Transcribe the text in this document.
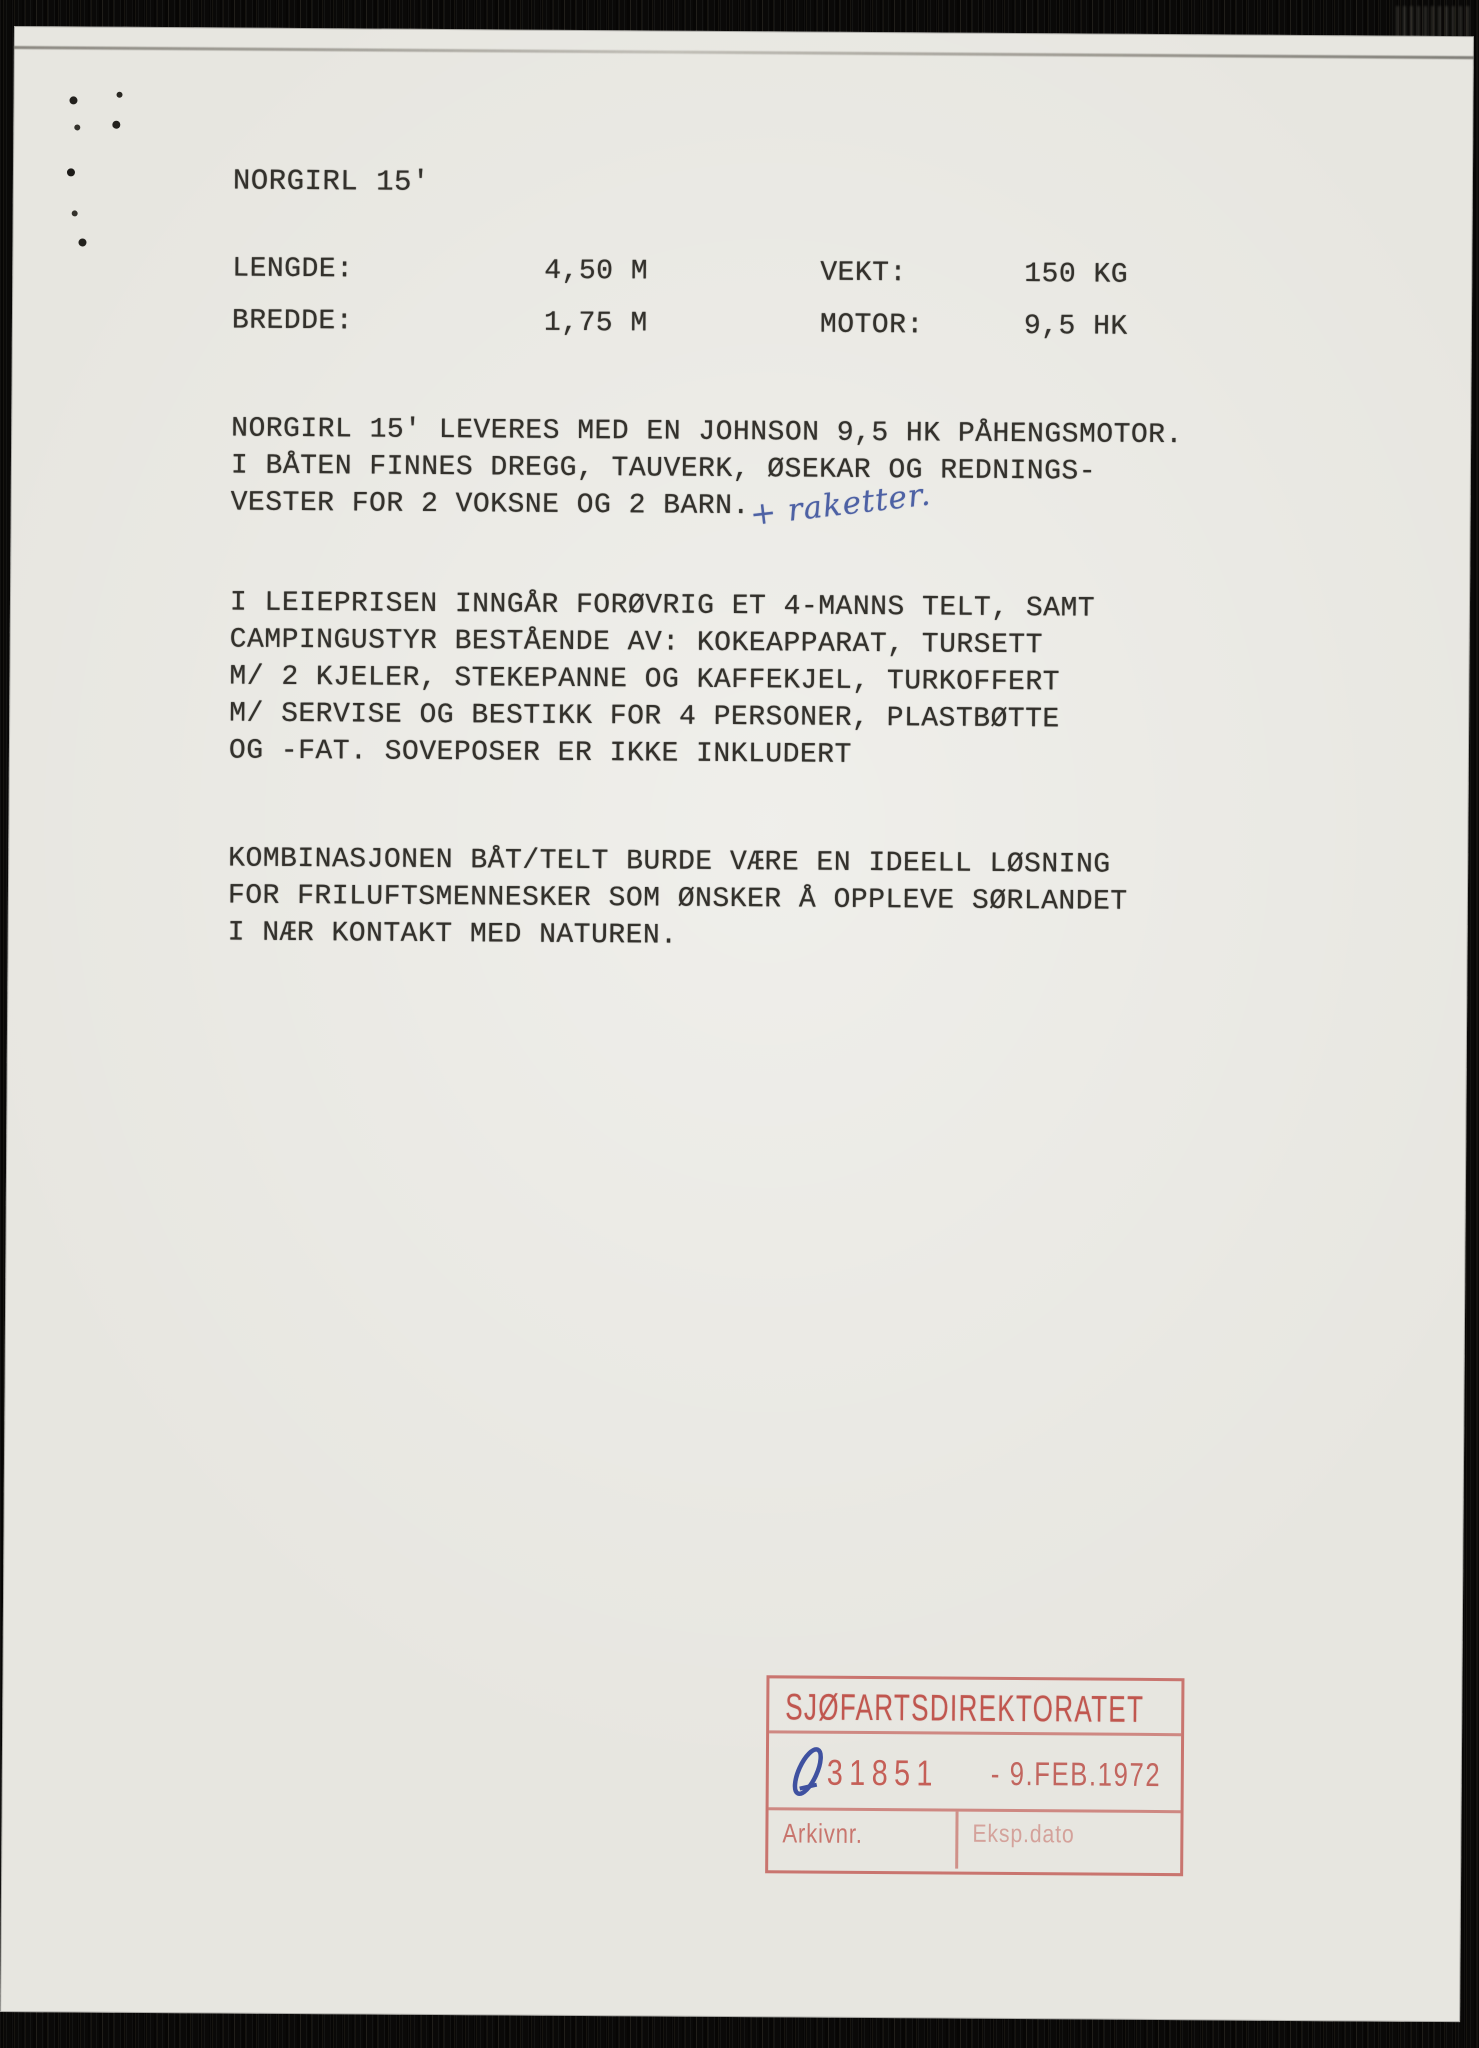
NORGIRL 15'
LENGDE:	4,50 M	VEKT:	150 KG
BREDDE:	1,75 M	MOTOR:	9,5 HK
NORGIRL 15' LEVERES MED EN JOHNSON 9,5 HK PÅHENGSMOTOR.
I BÅTEN FINNES DREGG, TAUVERK, ØSEKAR OG REDNINGS-
VESTER FOR 2 VOKSNE OG 2 BARN.
+ raketter.
I LEIEPRISEN INNGÅR FORØVRIG ET 4-MANNS TELT, SAMT
CAMPINGUSTYR BESTÅENDE AV: KOKEAPPARAT, TURSETT
M/ 2 KJELER, STEKEPANNE OG KAFFEKJEL, TURKOFFERT
M/ SERVISE OG BESTIKK FOR 4 PERSONER, PLASTBØTTE
OG -FAT. SOVEPOSER ER IKKE INKLUDERT
KOMBINASJONEN BÅT/TELT BURDE VÆRE EN IDEELL LØSNING
FOR FRILUFTSMENNESKER SOM ØNSKER Å OPPLEVE SØRLANDET
I NÆR KONTAKT MED NATUREN.
SJØFARTSDIREKTORATET
31851 - 9.FEB.1972
Arkivnr.	Eksp.dato
